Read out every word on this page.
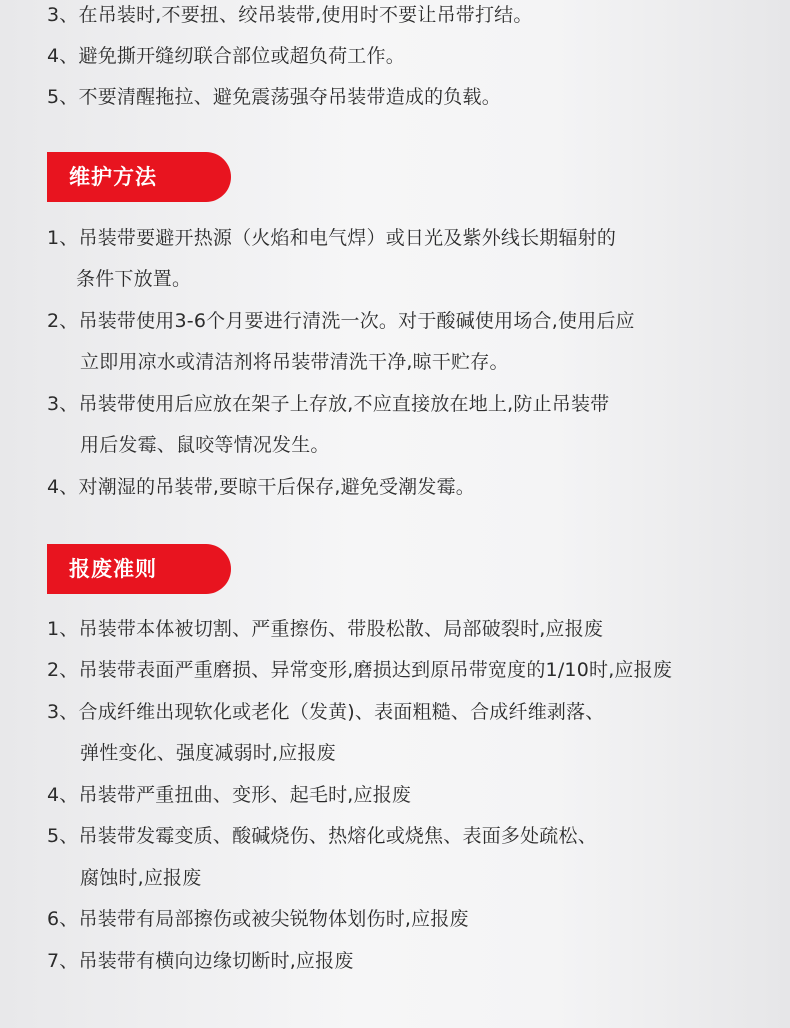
3、在吊装时,不要扭、绞吊装带,使用时不要让吊带打结。
4、避免撕开缝纫联合部位或超负荷工作。
5、不要清醒拖拉、避免震荡强夺吊装带造成的负载。
维护方法
1、吊装带要避开热源（火焰和电气焊）或日光及紫外线长期辐射的
条件下放置。
2、吊装带使用3-6个月要进行清洗一次。对于酸碱使用场合,使用后应
立即用凉水或清洁剂将吊装带清洗干净,晾干贮存。
3、吊装带使用后应放在架子上存放,不应直接放在地上,防止吊装带
用后发霉、鼠咬等情况发生。
4、对潮湿的吊装带,要晾干后保存,避免受潮发霉。
报废准则
1、吊装带本体被切割、严重擦伤、带股松散、局部破裂时,应报废
2、吊装带表面严重磨损、异常变形,磨损达到原吊带宽度的1/10时,应报废
3、合成纤维出现软化或老化（发黄)、表面粗糙、合成纤维剥落、
弹性变化、强度减弱时,应报废
4、吊装带严重扭曲、变形、起毛时,应报废
5、吊装带发霉变质、酸碱烧伤、热熔化或烧焦、表面多处疏松、
腐蚀时,应报废
6、吊装带有局部擦伤或被尖锐物体划伤时,应报废
7、吊装带有横向边缘切断时,应报废
